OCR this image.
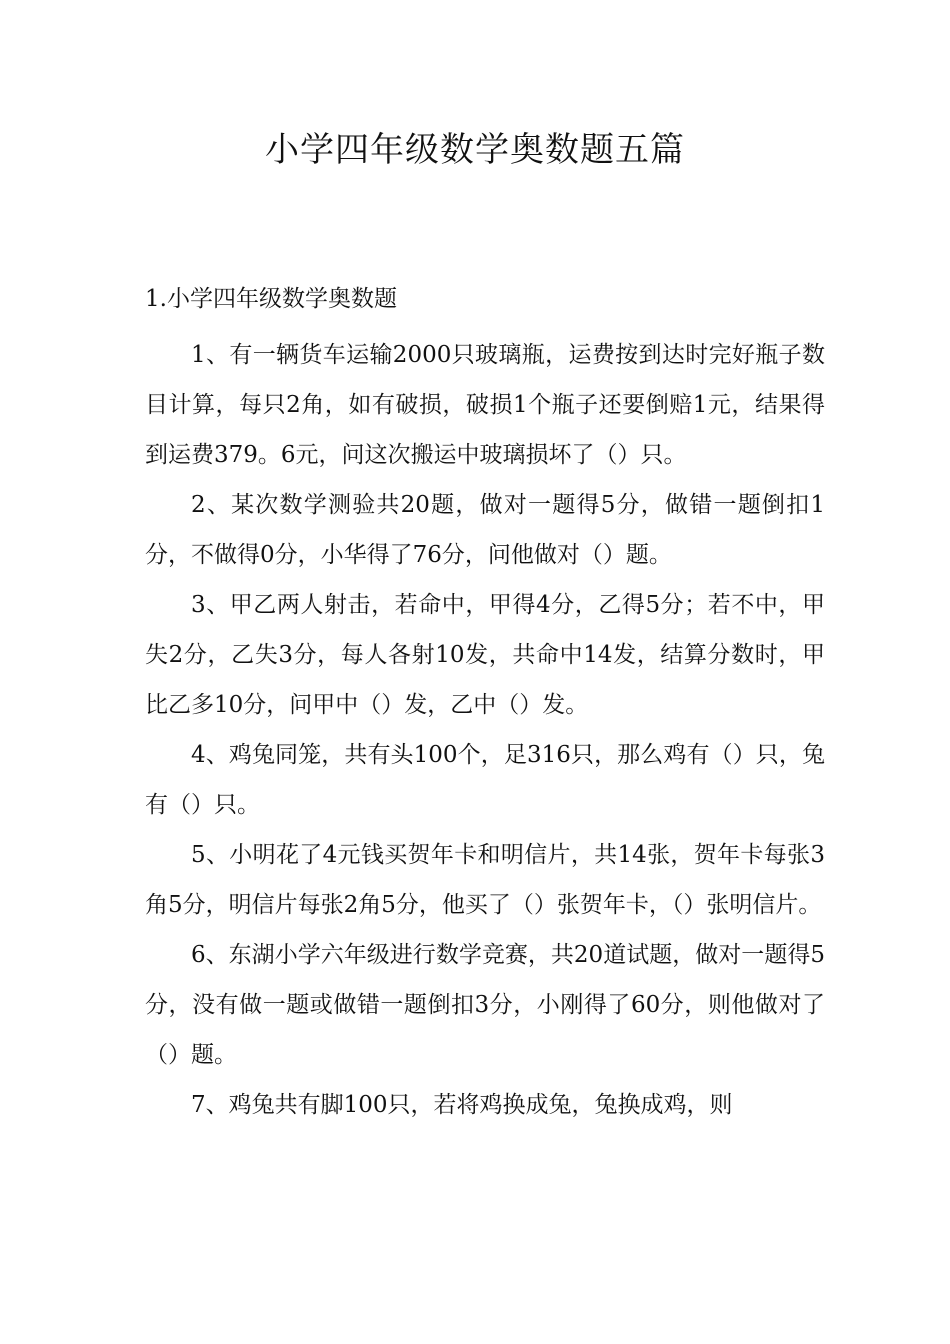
小学四年级数学奥数题五篇
1.小学四年级数学奥数题

1、有一辆货车运输2000只玻璃瓶，运费按到达时完好瓶子数目计算，每只2角，如有破损，破损1个瓶子还要倒赔1元，结果得到运费379。6元，问这次搬运中玻璃损坏了（）只。

2、某次数学测验共20题，做对一题得5分，做错一题倒扣1分，不做得0分，小华得了76分，问他做对（）题。

3、甲乙两人射击，若命中，甲得4分，乙得5分；若不中，甲失2分，乙失3分，每人各射10发，共命中14发，结算分数时，甲比乙多10分，问甲中（）发，乙中（）发。

4、鸡兔同笼，共有头100个，足316只，那么鸡有（）只，兔有（）只。

5、小明花了4元钱买贺年卡和明信片，共14张，贺年卡每张3角5分，明信片每张2角5分，他买了（）张贺年卡，（）张明信片。

6、东湖小学六年级进行数学竞赛，共20道试题，做对一题得5分，没有做一题或做错一题倒扣3分，小刚得了60分，则他做对了（）题。

7、鸡兔共有脚100只，若将鸡换成兔，兔换成鸡，则
